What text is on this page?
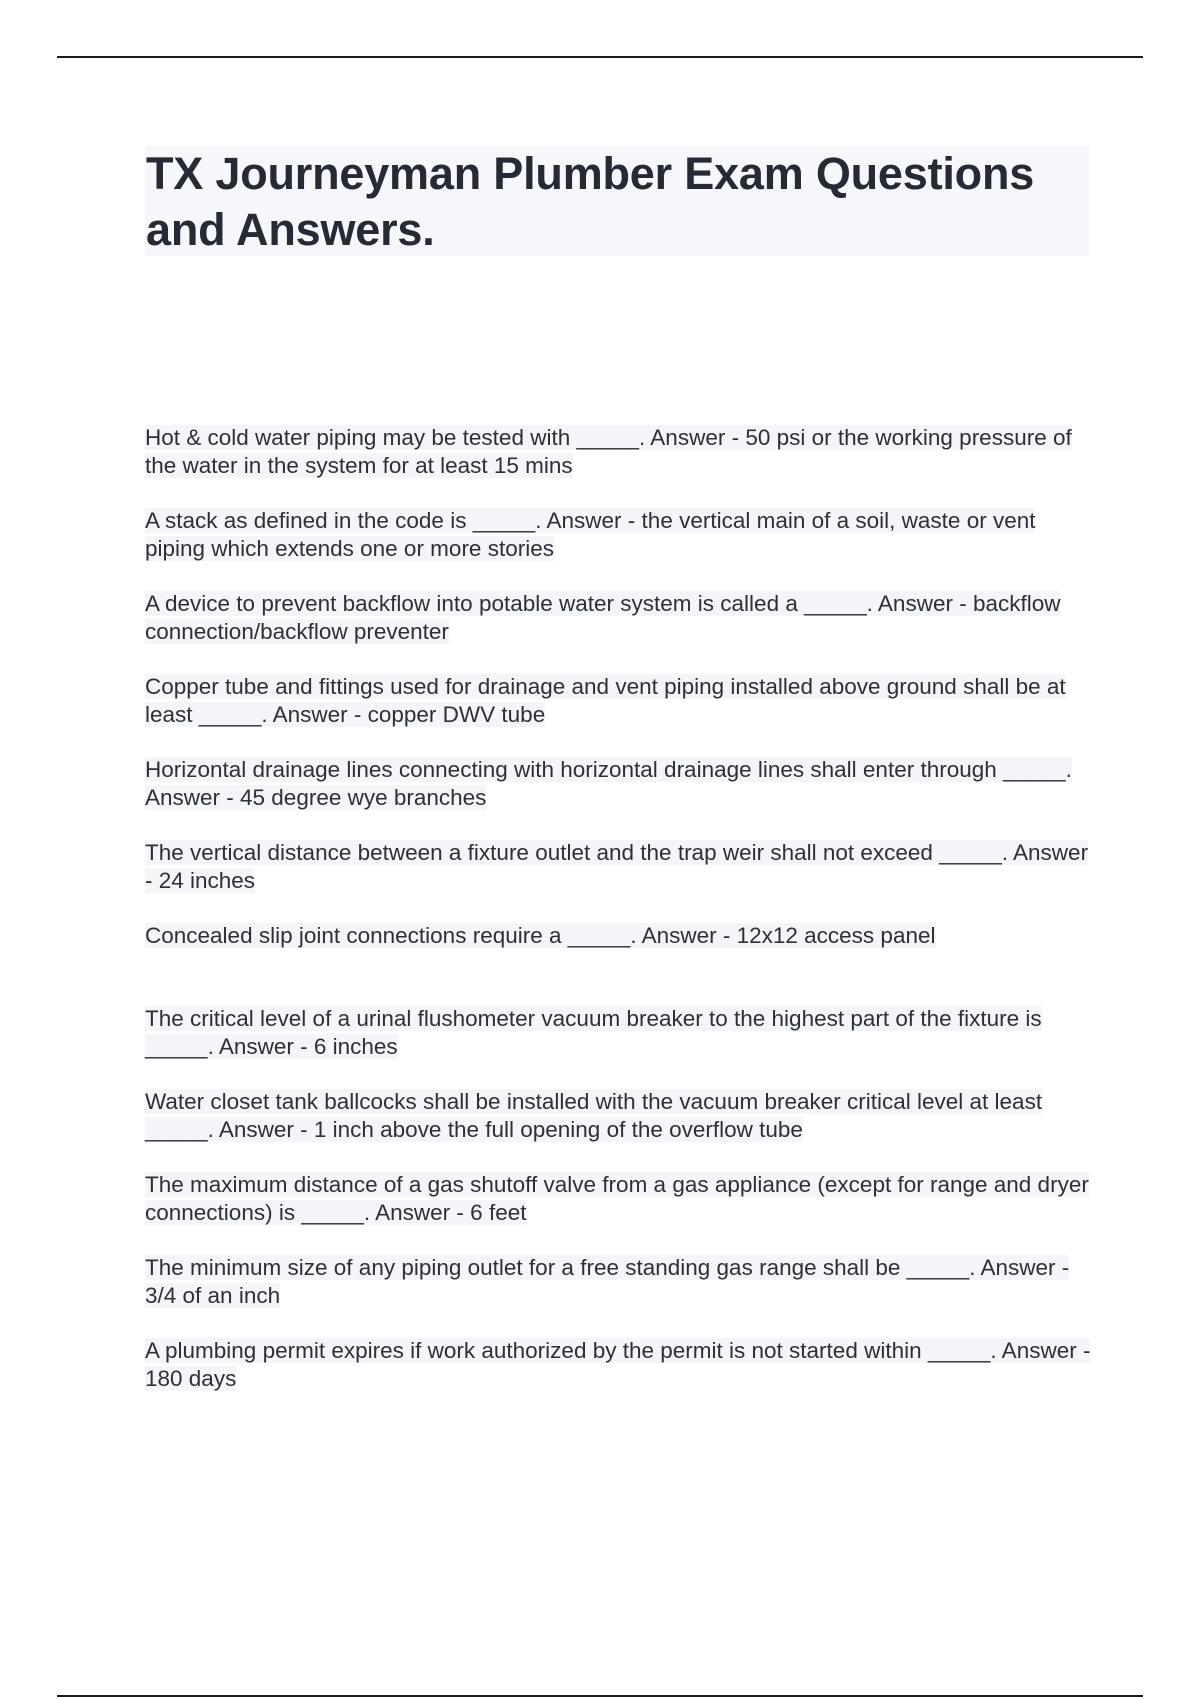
TX Journeyman Plumber Exam Questions and Answers.
Hot & cold water piping may be tested with _____. Answer - 50 psi or the working pressure of the water in the system for at least 15 mins
A stack as defined in the code is _____. Answer - the vertical main of a soil, waste or vent piping which extends one or more stories
A device to prevent backflow into potable water system is called a _____. Answer - backflow connection/backflow preventer
Copper tube and fittings used for drainage and vent piping installed above ground shall be at least _____. Answer - copper DWV tube
Horizontal drainage lines connecting with horizontal drainage lines shall enter through _____. Answer - 45 degree wye branches
The vertical distance between a fixture outlet and the trap weir shall not exceed _____. Answer - 24 inches
Concealed slip joint connections require a _____. Answer - 12x12 access panel
The critical level of a urinal flushometer vacuum breaker to the highest part of the fixture is _____. Answer - 6 inches
Water closet tank ballcocks shall be installed with the vacuum breaker critical level at least _____. Answer - 1 inch above the full opening of the overflow tube
The maximum distance of a gas shutoff valve from a gas appliance (except for range and dryer connections) is _____. Answer - 6 feet
The minimum size of any piping outlet for a free standing gas range shall be _____. Answer - 3/4 of an inch
A plumbing permit expires if work authorized by the permit is not started within _____. Answer - 180 days
